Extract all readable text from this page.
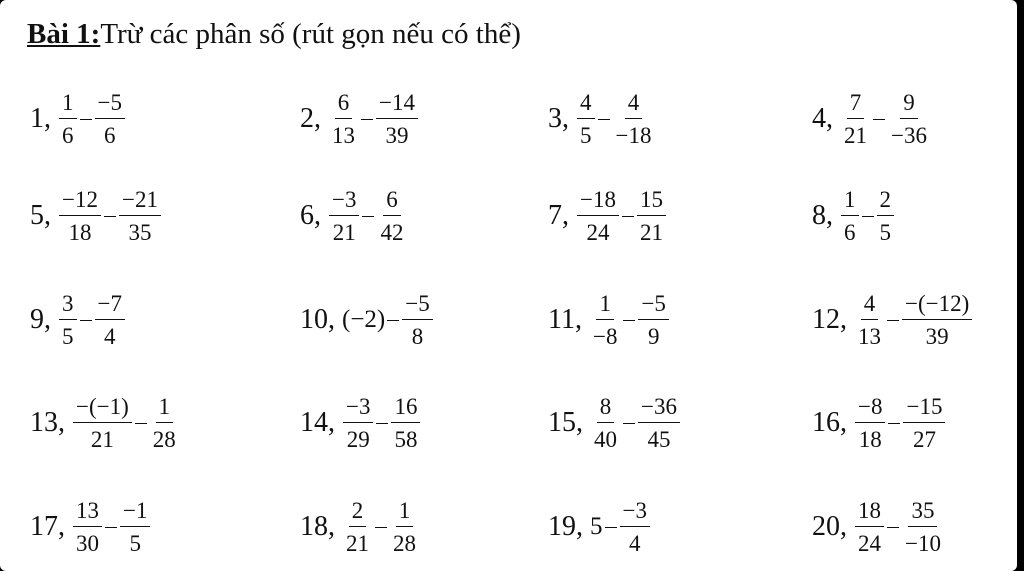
Bài 1:Trừ các phân số (rút gọn nếu có thể)
1, $\frac{1}{6} \frac{-5}{6}$	2, $\frac{6}{13} \frac{-14}{39}$	3, $\frac{4}{5} \frac{4}{-18}$	4, $\frac{7}{21} \frac{9}{-36}$
5, $\frac{-12}{18} \frac{-21}{35}$	6, $\frac{-3}{21} \frac{6}{42}$	7, $\frac{-18}{24} \frac{15}{21}$	8, $\frac{1}{6} \frac{2}{5}$
9, $\frac{3}{5} \frac{-7}{4}$	10, $(-2) \frac{-5}{8}$	11, $\frac{1}{-8} \frac{-5}{9}$	12, $\frac{4}{13} \frac{-(-12)}{39}$
13, $\frac{-(-1)}{21} \frac{1}{28}$	14, $\frac{-3}{29} \frac{16}{58}$	15, $\frac{8}{40} \frac{-36}{45}$	16, $\frac{-8}{18} \frac{-15}{27}$
17, $\frac{13}{30} \frac{-1}{5}$	18, $\frac{2}{21} \frac{1}{28}$	19, $5 \frac{-3}{4}$	20, $\frac{18}{24} \frac{35}{-10}$
